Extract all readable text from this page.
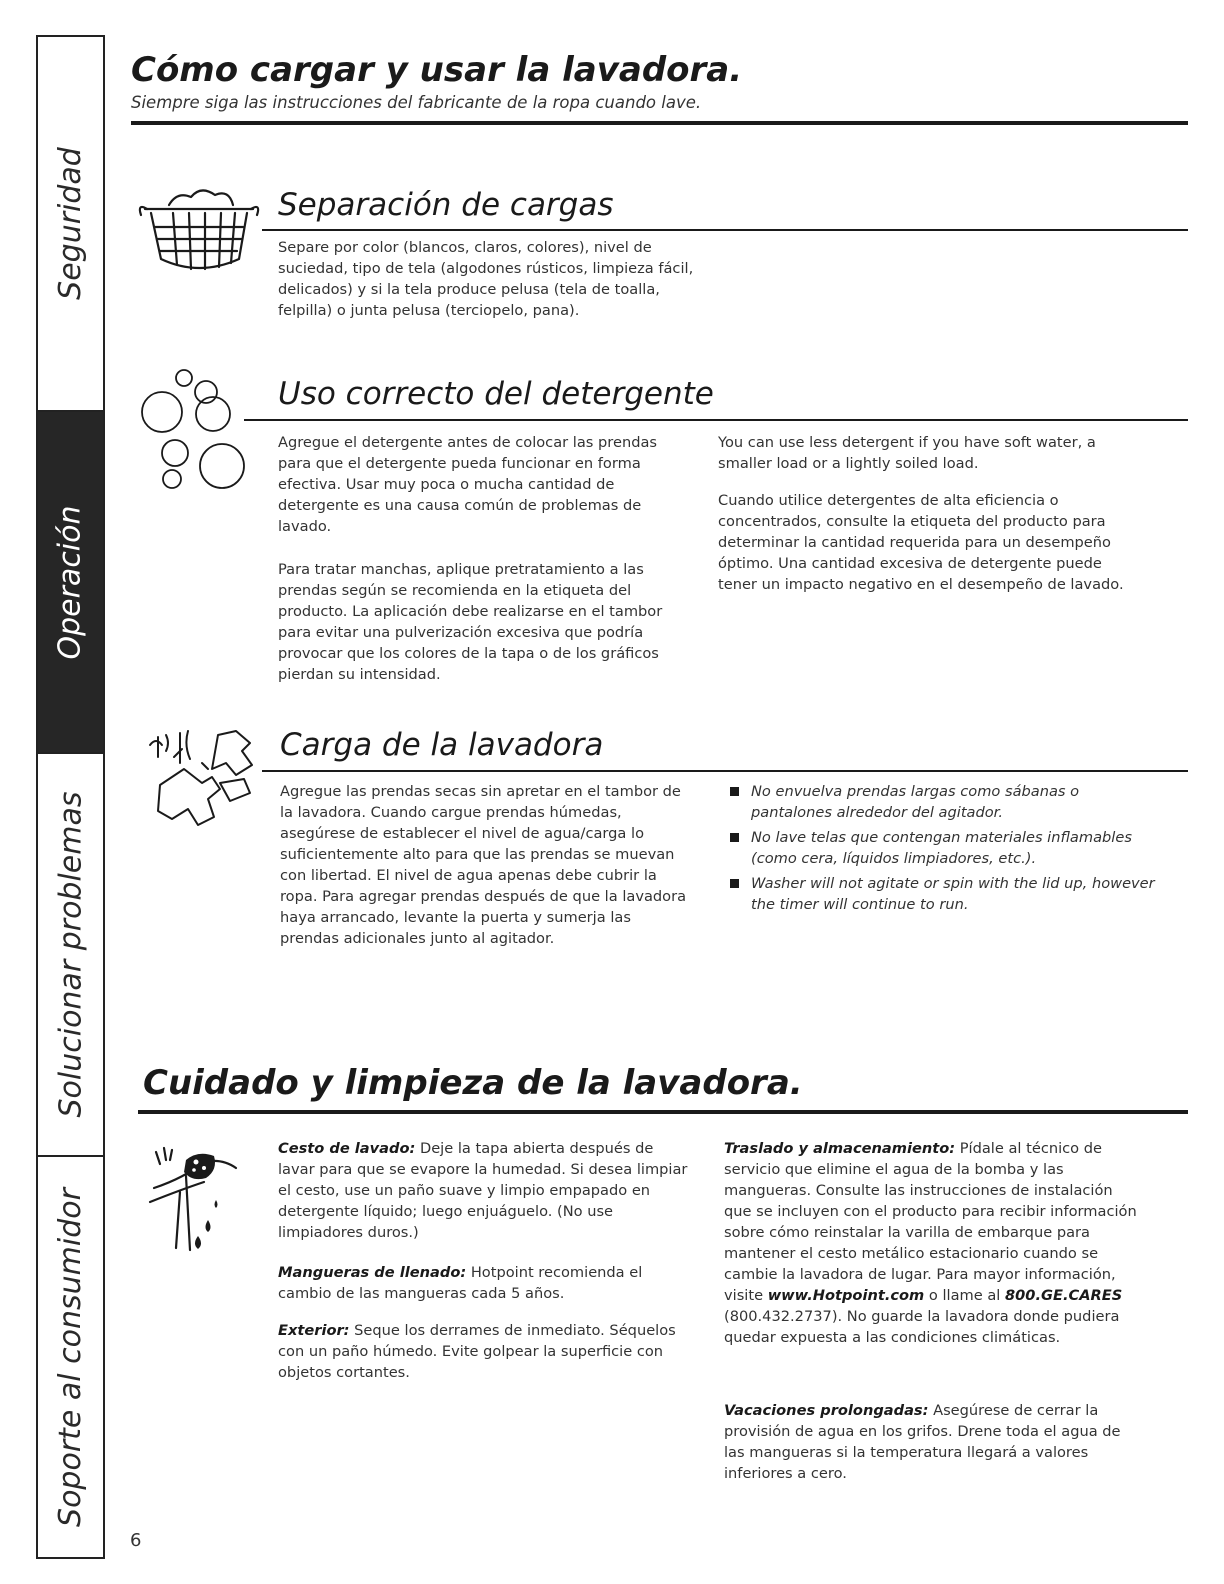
Seguridad
Operación
Solucionar problemas
Soporte al consumidor
Cómo cargar y usar la lavadora.

Siempre siga las instrucciones del fabricante de la ropa cuando lave.

Separación de cargas

Separe por color (blancos, claros, colores), nivel de suciedad, tipo de tela (algodones rústicos, limpieza fácil, delicados) y si la tela produce pelusa (tela de toalla, felpilla) o junta pelusa (terciopelo, pana).

Uso correcto del detergente

Agregue el detergente antes de colocar las prendas para que el detergente pueda funcionar en forma efectiva. Usar muy poca o mucha cantidad de detergente es una causa común de problemas de lavado.

Para tratar manchas, aplique pretratamiento a las prendas según se recomienda en la etiqueta del producto. La aplicación debe realizarse en el tambor para evitar una pulverización excesiva que podría provocar que los colores de la tapa o de los gráficos pierdan su intensidad.

You can use less detergent if you have soft water, a smaller load or a lightly soiled load.

Cuando utilice detergentes de alta eficiencia o concentrados, consulte la etiqueta del producto para determinar la cantidad requerida para un desempeño óptimo. Una cantidad excesiva de detergente puede tener un impacto negativo en el desempeño de lavado.

Carga de la lavadora

Agregue las prendas secas sin apretar en el tambor de la lavadora. Cuando cargue prendas húmedas, asegúrese de establecer el nivel de agua/carga lo suficientemente alto para que las prendas se muevan con libertad. El nivel de agua apenas debe cubrir la ropa. Para agregar prendas después de que la lavadora haya arrancado, levante la puerta y sumerja las prendas adicionales junto al agitador.

No envuelva prendas largas como sábanas o pantalones alrededor del agitador.
No lave telas que contengan materiales inflamables (como cera, líquidos limpiadores, etc.).
Washer will not agitate or spin with the lid up, however the timer will continue to run.
Cuidado y limpieza de la lavadora.

Cesto de lavado: Deje la tapa abierta después de lavar para que se evapore la humedad. Si desea limpiar el cesto, use un paño suave y limpio empapado en detergente líquido; luego enjuáguelo. (No use limpiadores duros.)

Mangueras de llenado: Hotpoint recomienda el cambio de las mangueras cada 5 años.

Exterior: Seque los derrames de inmediato. Séquelos con un paño húmedo. Evite golpear la superficie con objetos cortantes.

Traslado y almacenamiento: Pídale al técnico de servicio que elimine el agua de la bomba y las mangueras. Consulte las instrucciones de instalación que se incluyen con el producto para recibir información sobre cómo reinstalar la varilla de embarque para mantener el cesto metálico estacionario cuando se cambie la lavadora de lugar. Para mayor información, visite www.Hotpoint.com o llame al 800.GE.CARES (800.432.2737). No guarde la lavadora donde pudiera quedar expuesta a las condiciones climáticas.

Vacaciones prolongadas: Asegúrese de cerrar la provisión de agua en los grifos. Drene toda el agua de las mangueras si la temperatura llegará a valores inferiores a cero.

6
